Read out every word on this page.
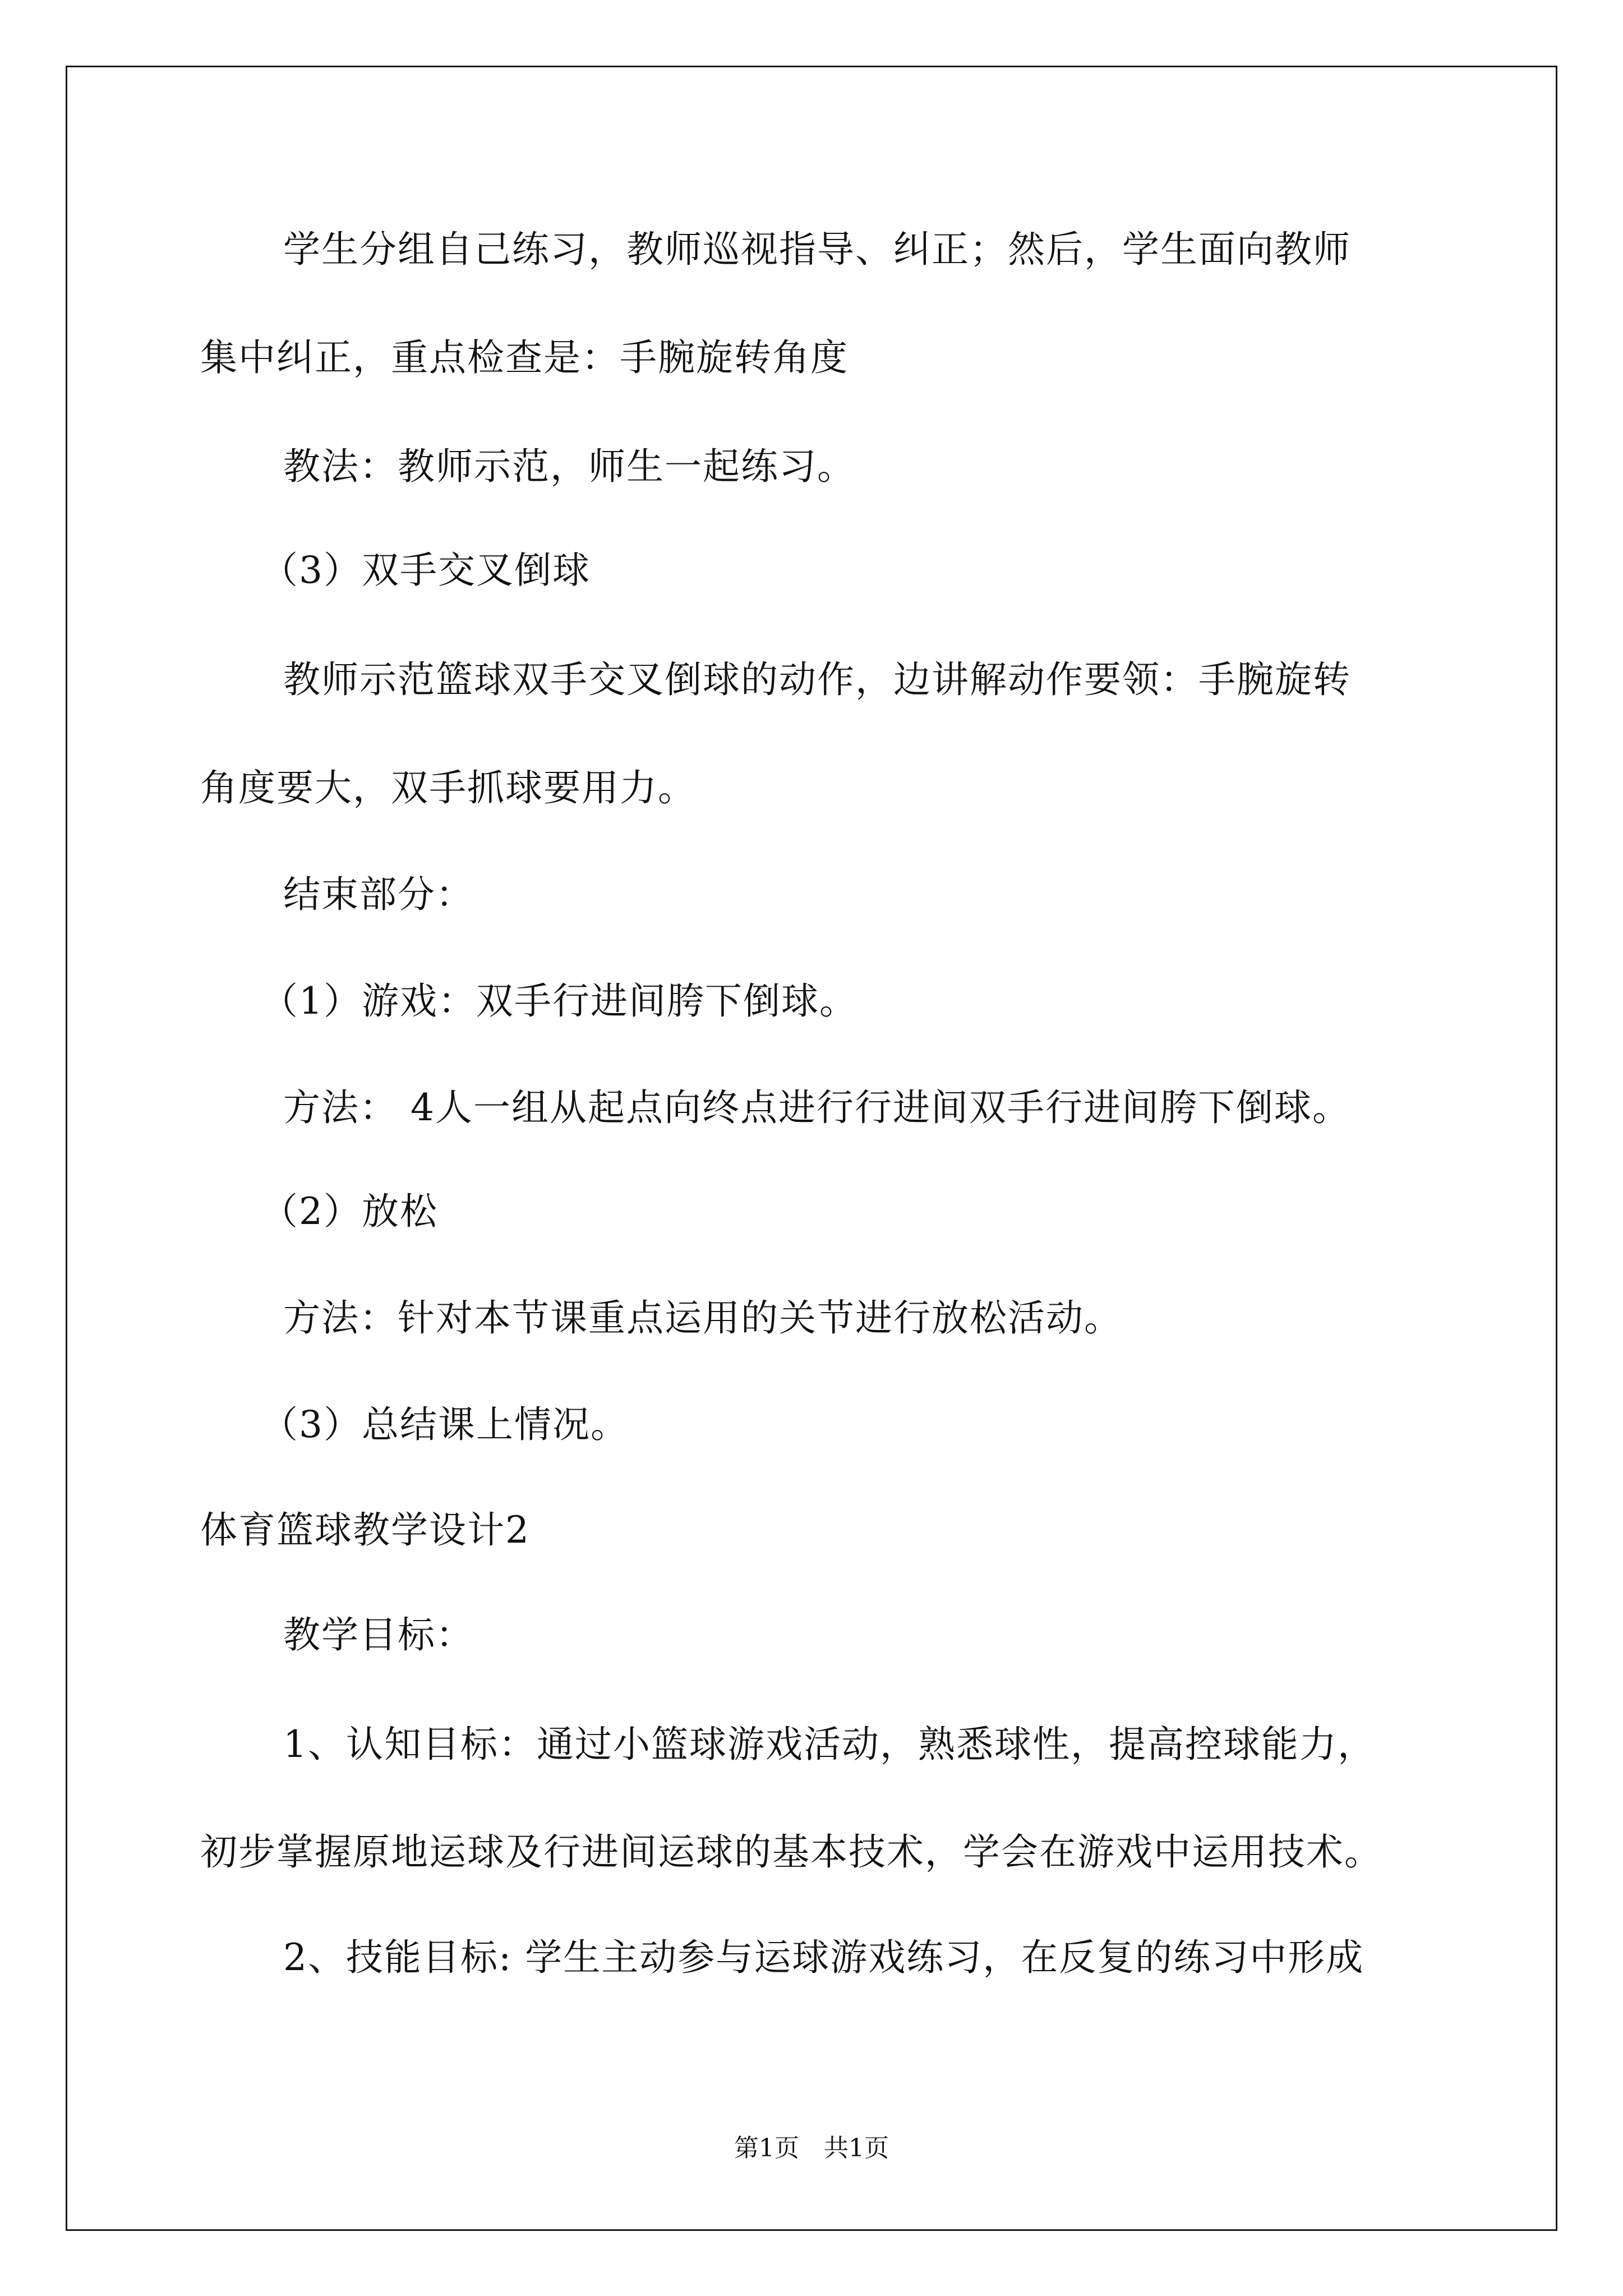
学生分组自己练习，教师巡视指导、纠正；然后，学生面向教师
集中纠正，重点检查是：手腕旋转角度
教法：教师示范，师生一起练习。
（3）双手交叉倒球
教师示范篮球双手交叉倒球的动作，边讲解动作要领：手腕旋转
角度要大，双手抓球要用力。
结束部分：
（1）游戏：双手行进间胯下倒球。
方法： 4人一组从起点向终点进行行进间双手行进间胯下倒球。
（2）放松
方法：针对本节课重点运用的关节进行放松活动。
（3）总结课上情况。
体育篮球教学设计2
教学目标：
1、认知目标：通过小篮球游戏活动，熟悉球性，提高控球能力，
初步掌握原地运球及行进间运球的基本技术，学会在游戏中运用技术。
2、技能目标: 学生主动参与运球游戏练习，在反复的练习中形成
第1页　共1页
